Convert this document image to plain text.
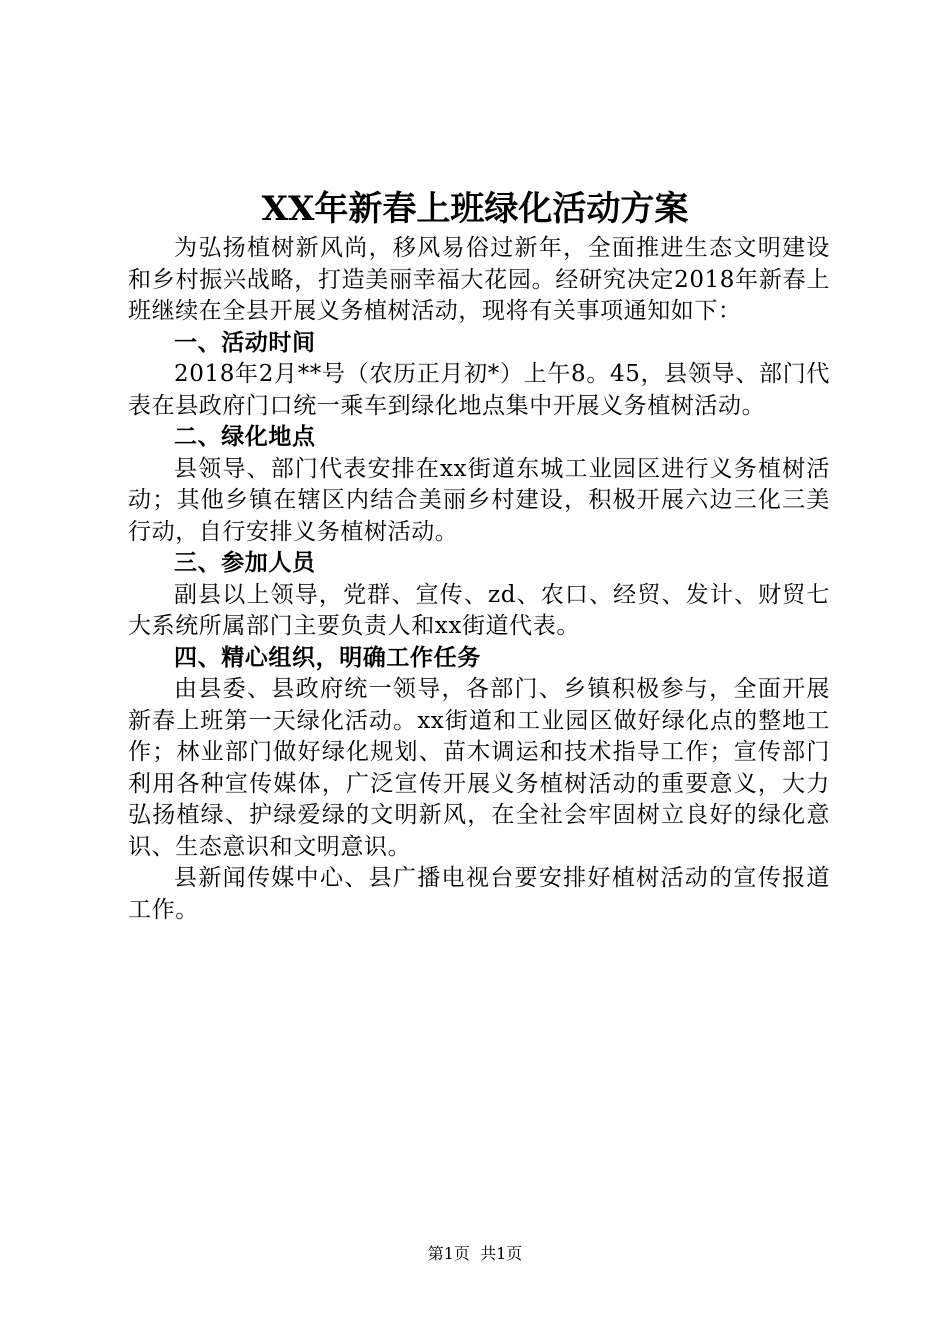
XX年新春上班绿化活动方案

为弘扬植树新风尚，移风易俗过新年，全面推进生态文明建设和乡村振兴战略，打造美丽幸福大花园。经研究决定2018年新春上班继续在全县开展义务植树活动，现将有关事项通知如下：

一、活动时间

2018年2月**号（农历正月初*）上午8。45，县领导、部门代表在县政府门口统一乘车到绿化地点集中开展义务植树活动。

二、绿化地点

县领导、部门代表安排在xx街道东城工业园区进行义务植树活动；其他乡镇在辖区内结合美丽乡村建设，积极开展六边三化三美行动，自行安排义务植树活动。

三、参加人员

副县以上领导，党群、宣传、zd、农口、经贸、发计、财贸七大系统所属部门主要负责人和xx街道代表。

四、精心组织，明确工作任务

由县委、县政府统一领导，各部门、乡镇积极参与，全面开展新春上班第一天绿化活动。xx街道和工业园区做好绿化点的整地工作；林业部门做好绿化规划、苗木调运和技术指导工作；宣传部门利用各种宣传媒体，广泛宣传开展义务植树活动的重要意义，大力弘扬植绿、护绿爱绿的文明新风，在全社会牢固树立良好的绿化意识、生态意识和文明意识。

县新闻传媒中心、县广播电视台要安排好植树活动的宣传报道工作。

第1页  共1页
